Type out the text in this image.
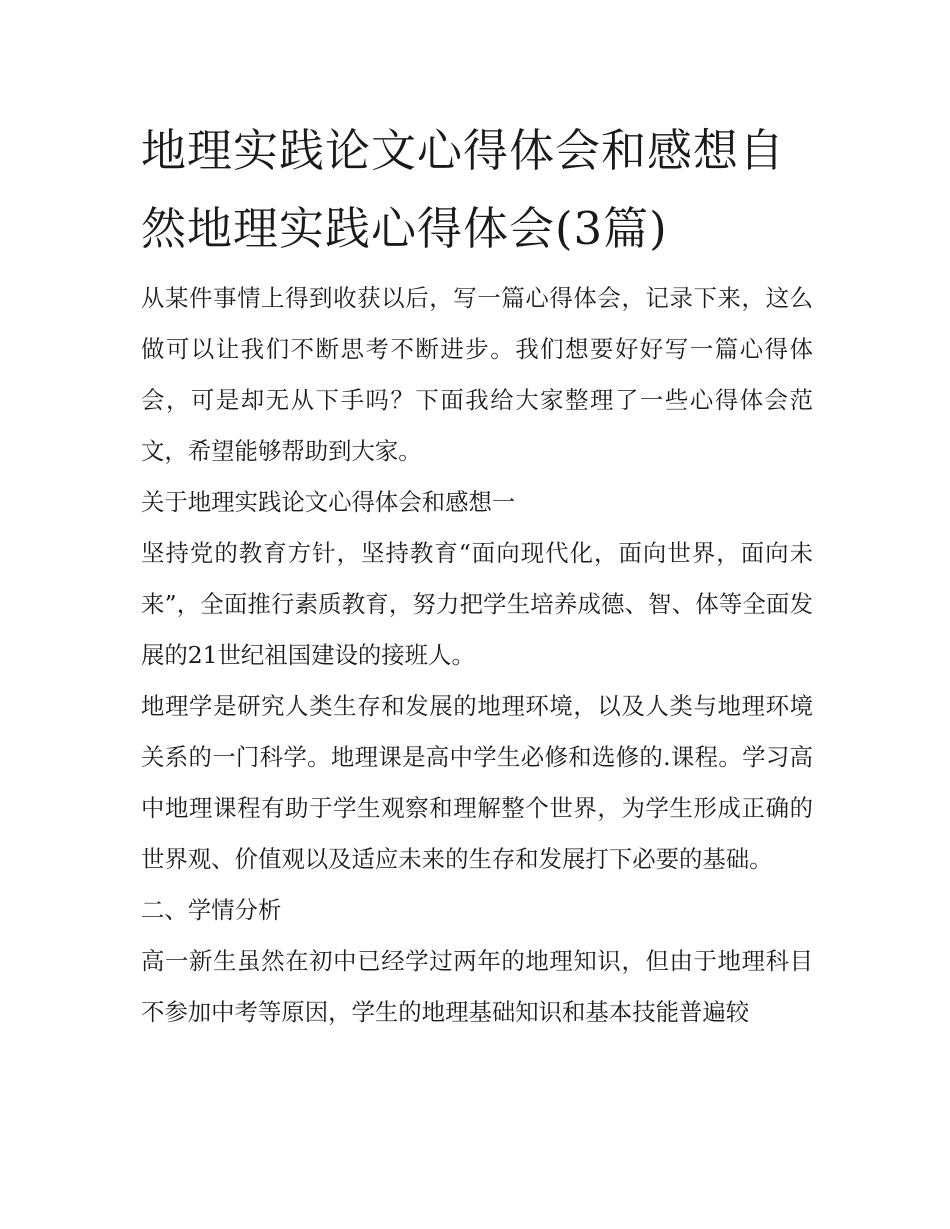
地理实践论文心得体会和感想自然地理实践心得体会(3篇)

从某件事情上得到收获以后，写一篇心得体会，记录下来，这么做可以让我们不断思考不断进步。我们想要好好写一篇心得体会，可是却无从下手吗？下面我给大家整理了一些心得体会范文，希望能够帮助到大家。

关于地理实践论文心得体会和感想一

坚持党的教育方针，坚持教育“面向现代化，面向世界，面向未来”，全面推行素质教育，努力把学生培养成德、智、体等全面发展的21世纪祖国建设的接班人。

地理学是研究人类生存和发展的地理环境，以及人类与地理环境关系的一门科学。地理课是高中学生必修和选修的.课程。学习高中地理课程有助于学生观察和理解整个世界，为学生形成正确的世界观、价值观以及适应未来的生存和发展打下必要的基础。

二、学情分析

高一新生虽然在初中已经学过两年的地理知识，但由于地理科目不参加中考等原因，学生的地理基础知识和基本技能普遍较
